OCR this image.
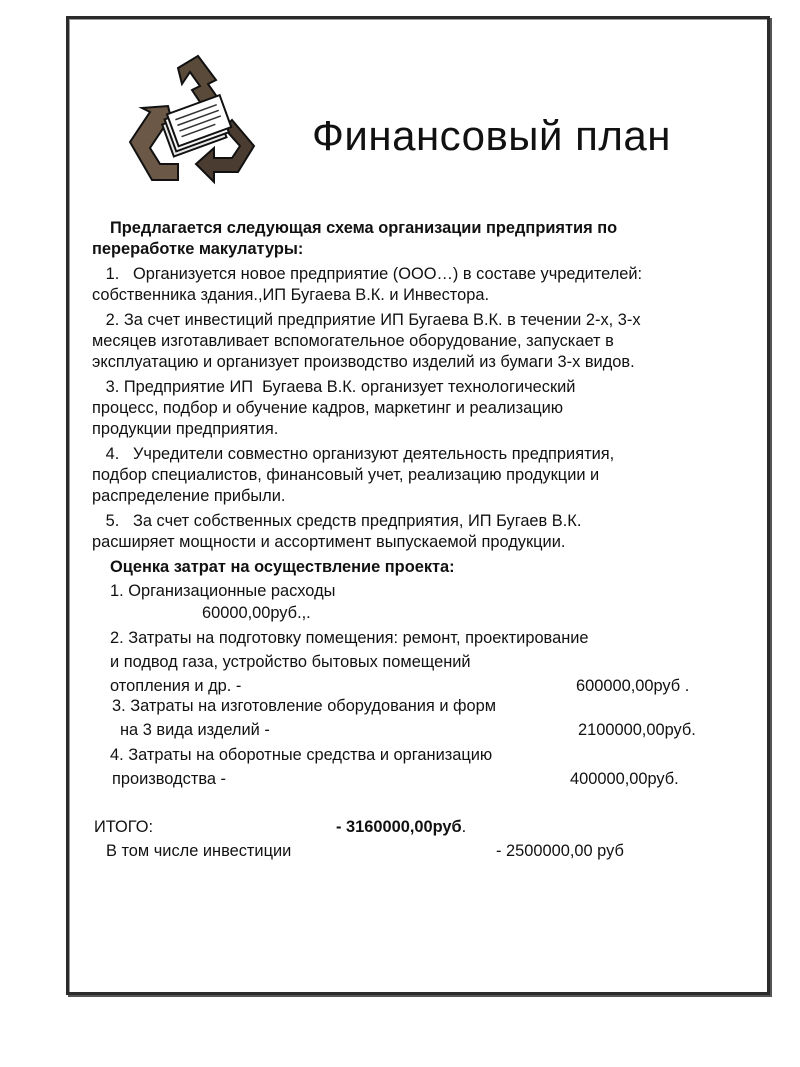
Финансовый план

Предлагается следующая схема организации предприятия по
переработке макулатуры:

1.   Организуется новое предприятие (ООО…) в составе учредителей:
собственника здания.,ИП Бугаева В.К. и Инвестора.

2. За счет инвестиций предприятие ИП Бугаева В.К. в течении 2-х, 3-х
месяцев изготавливает вспомогательное оборудование, запускает в
эксплуатацию и организует производство изделий из бумаги 3-х видов.

3. Предприятие ИП  Бугаева В.К. организует технологический
процесс, подбор и обучение кадров, маркетинг и реализацию
продукции предприятия.

4.   Учредители совместно организуют деятельность предприятия,
подбор специалистов, финансовый учет, реализацию продукции и
распределение прибыли.

5.   За счет собственных средств предприятия, ИП Бугаев В.К.
расширяет мощности и ассортимент выпускаемой продукции.

Оценка затрат на осуществление проекта:
1. Организационные расходы
60000,00руб.,.
2. Затраты на подготовку помещения: ремонт, проектирование
и подвод газа, устройство бытовых помещений
отопления и др. -	600000,00руб .
3. Затраты на изготовление оборудования и форм
на 3 вида изделий -	2100000,00руб.
4. Затраты на оборотные средства и организацию
производства -	400000,00руб.
ИТОГО:	- 3160000,00руб.
В том числе инвестиции	- 2500000,00 руб
